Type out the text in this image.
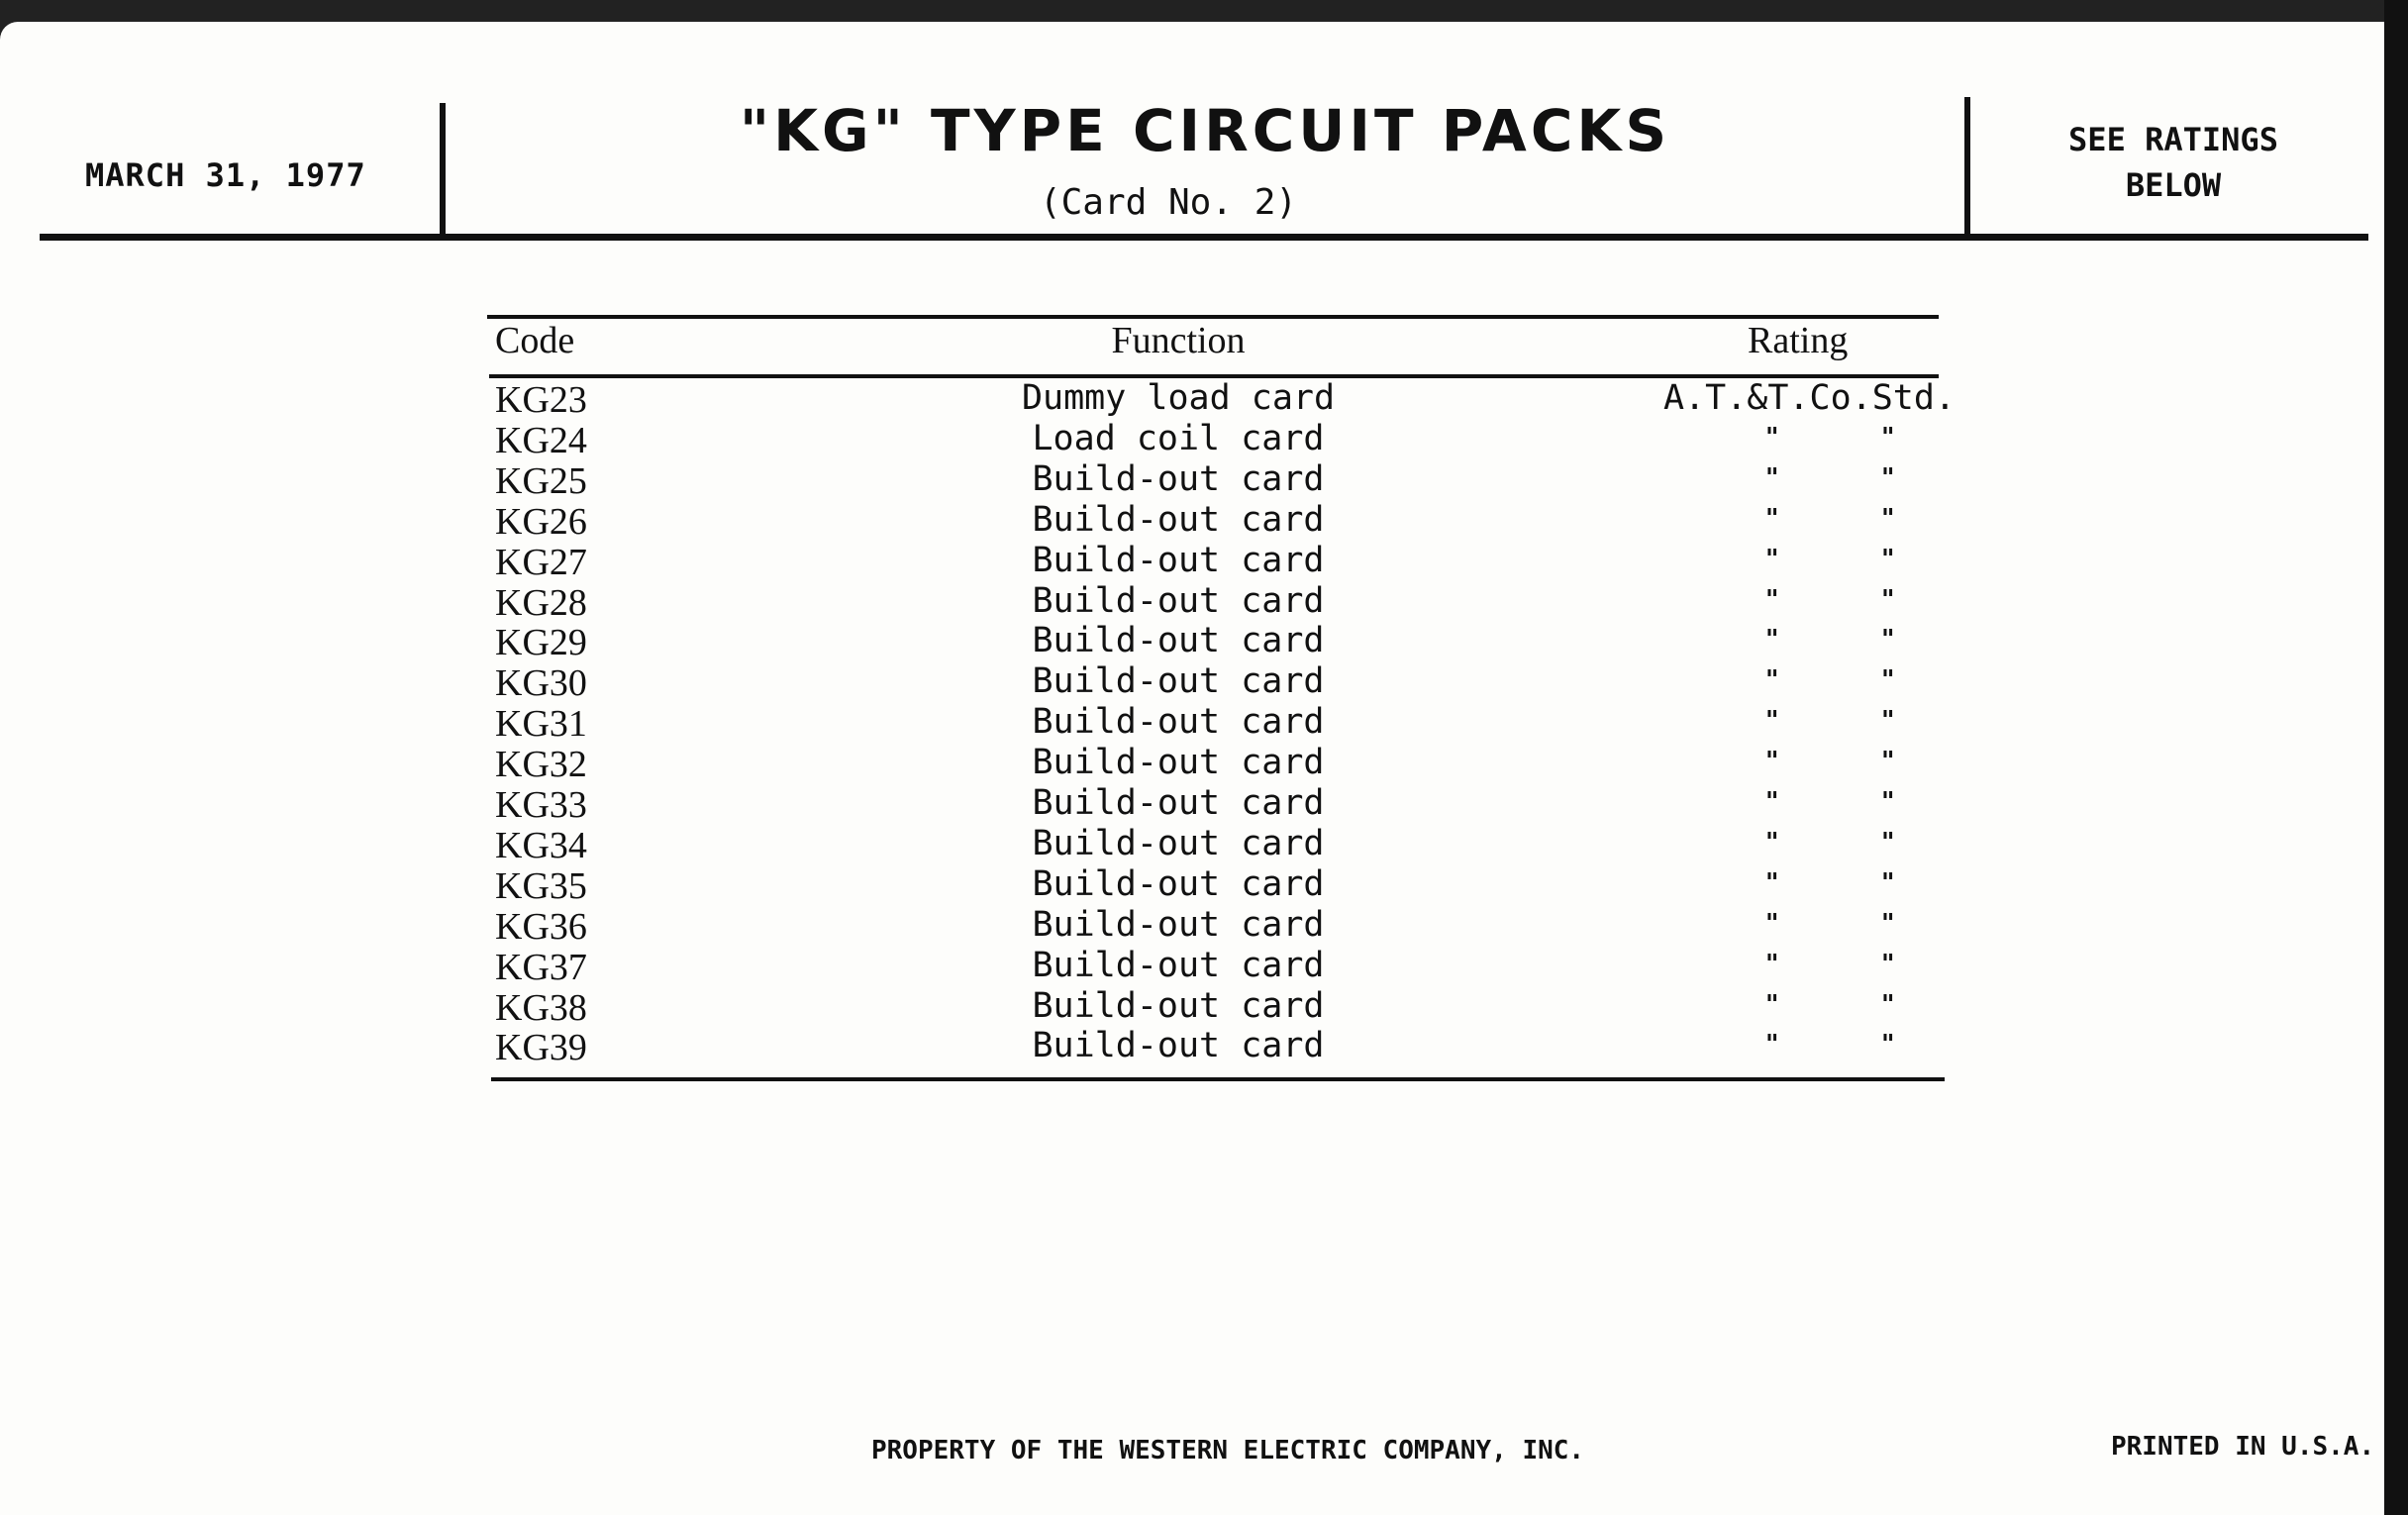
MARCH 31, 1977
"KG" TYPE CIRCUIT PACKS
(Card No. 2)
SEE RATINGS
BELOW
Code	Function	Rating
KG23	Dummy load card	A.T.&T.Co.Std.
KG24	Load coil card	"	"
KG25	Build-out card	"	"
KG26	Build-out card	"	"
KG27	Build-out card	"	"
KG28	Build-out card	"	"
KG29	Build-out card	"	"
KG30	Build-out card	"	"
KG31	Build-out card	"	"
KG32	Build-out card	"	"
KG33	Build-out card	"	"
KG34	Build-out card	"	"
KG35	Build-out card	"	"
KG36	Build-out card	"	"
KG37	Build-out card	"	"
KG38	Build-out card	"	"
KG39	Build-out card	"	"
PROPERTY OF THE WESTERN ELECTRIC COMPANY, INC.	PRINTED IN U.S.A.
